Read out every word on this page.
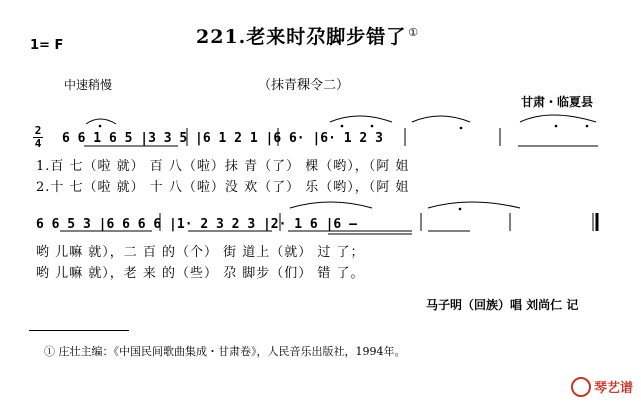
221.老来时尕脚步错了 ①
1= F
中速稍慢	（抹青稞令二）
甘肃・临夏县
2
4 6 6 1 6 5 |3 3 5 |6 1 2 1 |6 6· |6· 1 2 3
1.百 七（啦 就） 百 八（啦）抹 青（了） 棵（哟），（阿 姐
2.十 七（啦 就） 十 八（啦）没 欢（了） 乐（哟），（阿 姐
6 6 5 3 |6 6 6 6 |1· 2 3 2 3 |2· 1 6 |6 —
哟 儿嘛 就），二 百 的（个） 街 道上（就） 过 了；
哟 儿嘛 就），老 来 的（些） 尕 脚步（们） 错 了。
马子明（回族）唱 刘尚仁 记
① 庄壮主编：《中国民间歌曲集成・甘肃卷》，人民音乐出版社，1994年。
琴艺谱
